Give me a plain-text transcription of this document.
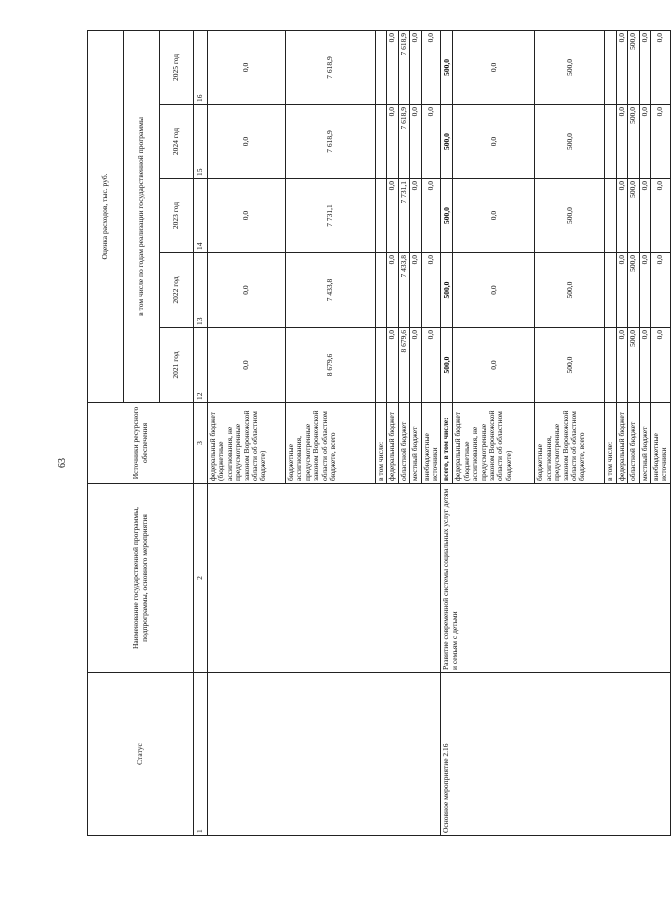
63
Статус	Наименование государственной программы, подпрограммы, основного мероприятия	Источники ресурсного обеспечения	Оценка расходов, тыс. руб.				
			в том числе по годам реализации государственной программы				
			2021 год	2022 год	2023 год	2024 год	2025 год
1	2	3	12	13	14	15	16
		федеральный бюджет (бюджетные ассигнования, не предусмотренные законом Воронежской области об областном бюджете)	0,0	0,0	0,0	0,0	0,0
		бюджетные ассигнования, предусмотренные законом Воронежской области об областном бюджете, всего	8 679,6	7 433,8	7 731,1	7 618,9	7 618,9
		в том числе:					
		федеральный бюджет	0,0	0,0	0,0	0,0	0,0
		областной бюджет	8 679,6	7 433,8	7 731,1	7 618,9	7 618,9
		местный бюджет	0,0	0,0	0,0	0,0	0,0
		внебюджетные источники	0,0	0,0	0,0	0,0	0,0
Основное мероприятие 2.16	Развитие современной системы социальных услуг детям и семьям с детьми	всего, в том числе:	500,0	500,0	500,0	500,0	500,0
		федеральный бюджет (бюджетные ассигнования, не предусмотренные законом Воронежской области об областном бюджете)	0,0	0,0	0,0	0,0	0,0
		бюджетные ассигнования, предусмотренные законом Воронежской области об областном бюджете, всего	500,0	500,0	500,0	500,0	500,0
		в том числе:					
		федеральный бюджет	0,0	0,0	0,0	0,0	0,0
		областной бюджет	500,0	500,0	500,0	500,0	500,0
		местный бюджет	0,0	0,0	0,0	0,0	0,0
		внебюджетные источники	0,0	0,0	0,0	0,0	0,0
